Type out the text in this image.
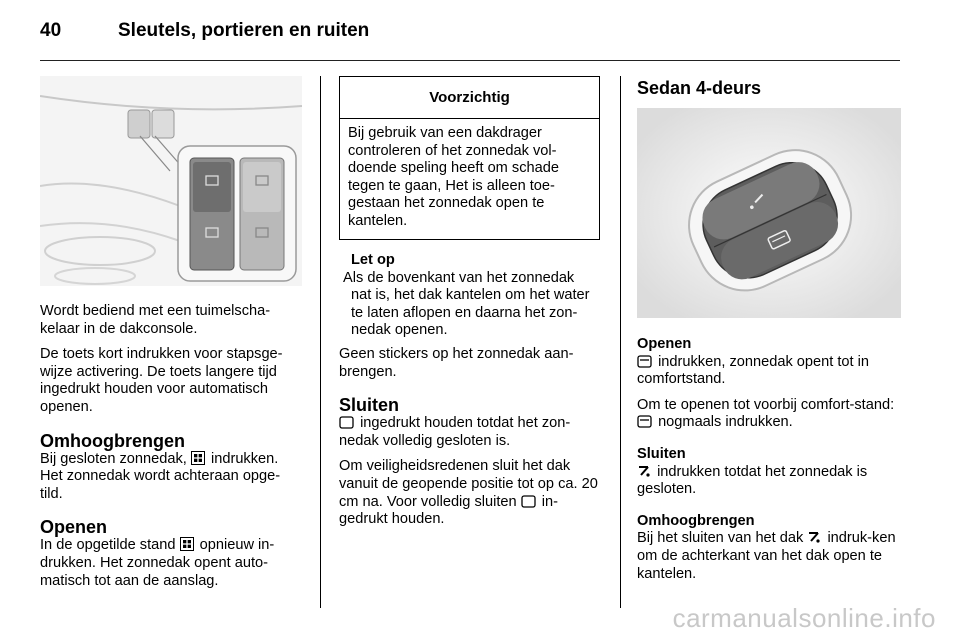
40	Sleutels, portieren en ruiten

Wordt bediend met een tuimelscha-kelaar in de dakconsole.

De toets kort indrukken voor stapsge-wijze activering. De toets langere tijd ingedrukt houden voor automatisch openen.

Omhoogbrengen

Bij gesloten zonnedak, indrukken. Het zonnedak wordt achteraan opge-tild.

Openen

In de opgetilde stand opnieuw in-drukken. Het zonnedak opent auto-matisch tot aan de aanslag.

Voorzichtig
Bij gebruik van een dakdrager controleren of het zonnedak vol-doende speling heeft om schade tegen te gaan, Het is alleen toe-gestaan het zonnedak open te kantelen.
Let op
Als de bovenkant van het zonnedak
nat is, het dak kantelen om het water te laten aflopen en daarna het zon-nedak openen.

Geen stickers op het zonnedak aan-brengen.

Sluiten

ingedrukt houden totdat het zon-nedak volledig gesloten is.

Om veiligheidsredenen sluit het dak vanuit de geopende positie tot op ca. 20 cm na. Voor volledig sluiten in-gedrukt houden.

Sedan 4-deurs
Openen

indrukken, zonnedak opent tot in comfortstand.

Om te openen tot voorbij comfort-stand:  nogmaals indrukken.

Sluiten

indrukken totdat het zonnedak is gesloten.

Omhoogbrengen

Bij het sluiten van het dak indruk-ken om de achterkant van het dak open te kantelen.

carmanualsonline.info
